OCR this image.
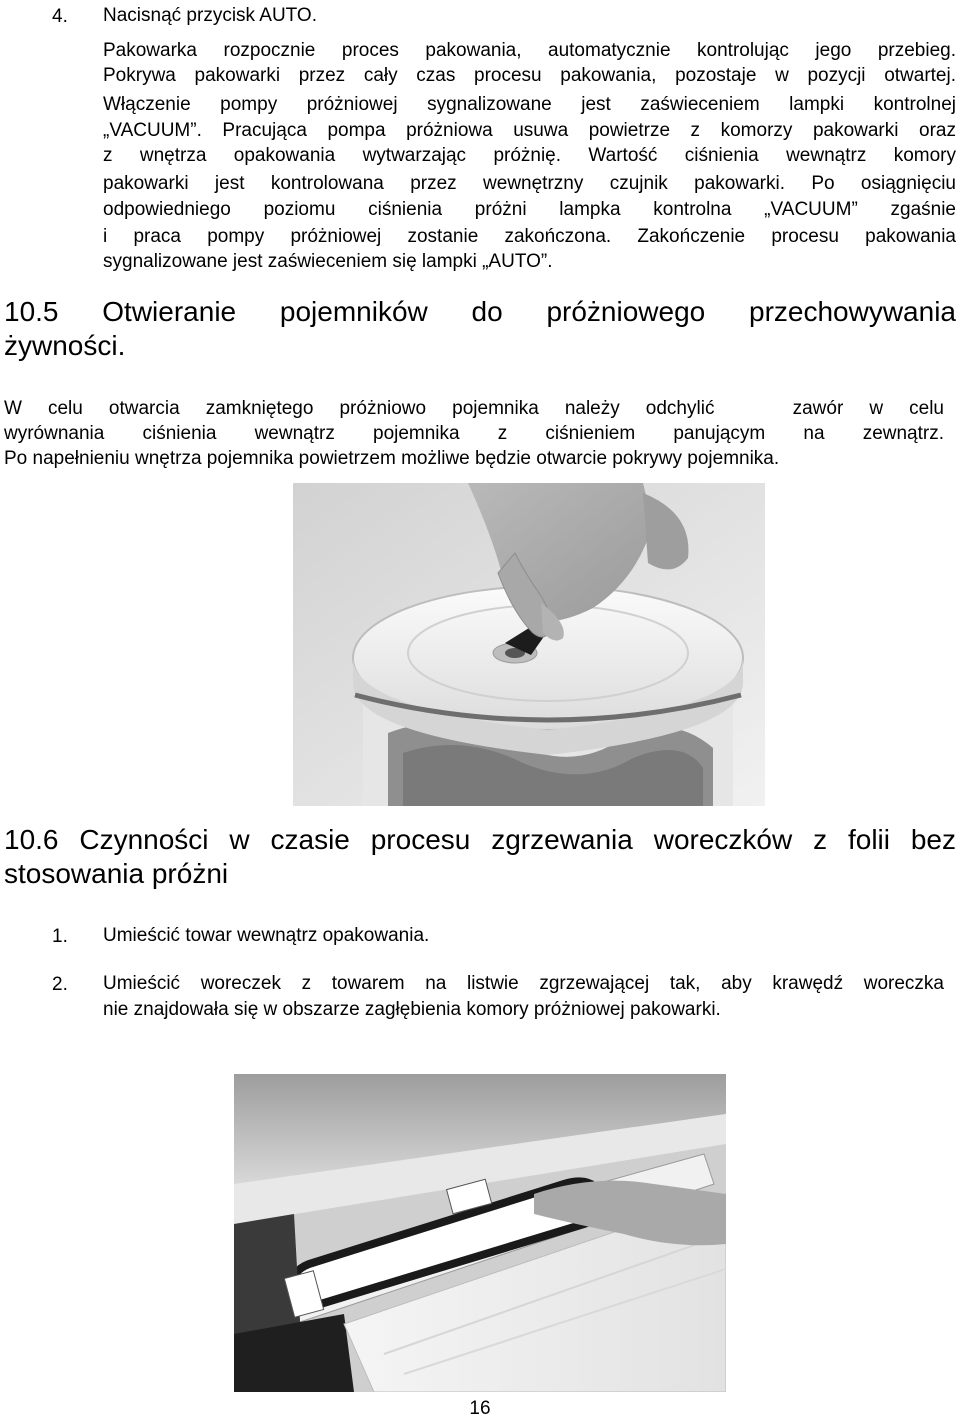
4. Nacisnąć przycisk AUTO.
Pakowarka rozpocznie proces pakowania, automatycznie kontrolując jego przebieg.
Pokrywa pakowarki przez cały czas procesu pakowania, pozostaje w pozycji otwartej.
Włączenie pompy próżniowej sygnalizowane jest zaświeceniem lampki kontrolnej
„VACUUM”. Pracująca pompa próżniowa usuwa powietrze z komorzy pakowarki oraz
z wnętrza opakowania wytwarzając próżnię. Wartość ciśnienia wewnątrz komory
pakowarki jest kontrolowana przez wewnętrzny czujnik pakowarki. Po osiągnięciu
odpowiedniego poziomu ciśnienia próżni lampka kontrolna „VACUUM” zgaśnie
i praca pompy próżniowej zostanie zakończona. Zakończenie procesu pakowania
sygnalizowane jest zaświeceniem się lampki „AUTO”.
10.5 Otwieranie pojemników do próżniowego przechowywania
żywności.
W celu otwarcia zamkniętego próżniowo pojemnika należy odchylić   zawór w celu
wyrównania ciśnienia wewnątrz pojemnika z ciśnieniem panującym na zewnątrz.
Po napełnieniu wnętrza pojemnika powietrzem możliwe będzie otwarcie pokrywy pojemnika.
10.6 Czynności w czasie procesu zgrzewania woreczków z folii bez
stosowania próżni
1. Umieścić towar wewnątrz opakowania.
2. Umieścić woreczek z towarem na listwie zgrzewającej tak, aby krawędź woreczka
nie znajdowała się w obszarze zagłębienia komory próżniowej pakowarki.
16
